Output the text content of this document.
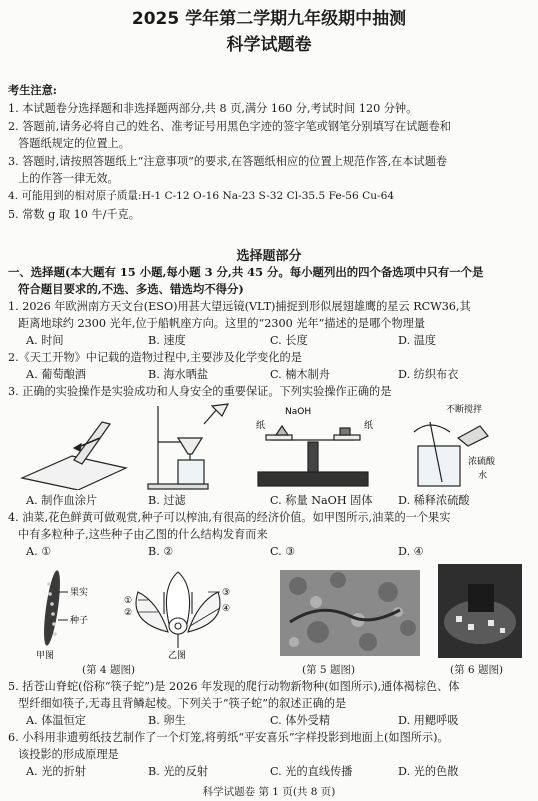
2025 学年第二学期九年级期中抽测
科学试题卷
考生注意:
1. 本试题卷分选择题和非选择题两部分,共 8 页,满分 160 分,考试时间 120 分钟。
2. 答题前,请务必将自己的姓名、准考证号用黑色字迹的签字笔或钢笔分别填写在试题卷和
答题纸规定的位置上。
3. 答题时,请按照答题纸上“注意事项”的要求,在答题纸相应的位置上规范作答,在本试题卷
上的作答一律无效。
4. 可能用到的相对原子质量:H-1 C-12 O-16 Na-23 S-32 Cl-35.5 Fe-56 Cu-64
5. 常数 g 取 10 牛/千克。
选择题部分
一、选择题(本大题有 15 小题,每小题 3 分,共 45 分。每小题列出的四个备选项中只有一个是
符合题目要求的,不选、多选、错选均不得分)
1. 2026 年欧洲南方天文台(ESO)用甚大望远镜(VLT)捕捉到形似展翅雄鹰的星云 RCW36,其
距离地球约 2300 光年,位于船帆座方向。这里的“2300 光年”描述的是哪个物理量
A. 时间	B. 速度	C. 长度	D. 温度
2.《天工开物》中记载的造物过程中,主要涉及化学变化的是
A. 葡萄酿酒	B. 海水晒盐	C. 楠木制舟	D. 纺织布衣
3. 正确的实验操作是实验成功和人身安全的重要保证。下列实验操作正确的是
NaOH
纸	纸
不断搅拌
浓硫酸
水
A. 制作血涂片	B. 过滤	C. 称量 NaOH 固体 D. 稀释浓硫酸
4. 油菜,花色鲜黄可做观赏,种子可以榨油,有很高的经济价值。如甲图所示,油菜的一个果实
中有多粒种子,这些种子由乙图的什么结构发育而来
A. ①	B. ②	C. ③	D. ④
果实
种子
甲图
①
②
③
④
乙图
(第 4 题图)	(第 5 题图)	(第 6 题图)
5. 括苍山脊蛇(俗称“筷子蛇”)是 2026 年发现的爬行动物新物种(如图所示),通体褐棕色、体
型纤细如筷子,无毒且背鳞起棱。下列关于“筷子蛇”的叙述正确的是
A. 体温恒定	B. 卵生	C. 体外受精	D. 用鳃呼吸
6. 小科用非遗剪纸技艺制作了一个灯笼,将剪纸“平安喜乐”字样投影到地面上(如图所示)。
该投影的形成原理是
A. 光的折射	B. 光的反射	C. 光的直线传播	D. 光的色散
科学试题卷 第 1 页(共 8 页)
